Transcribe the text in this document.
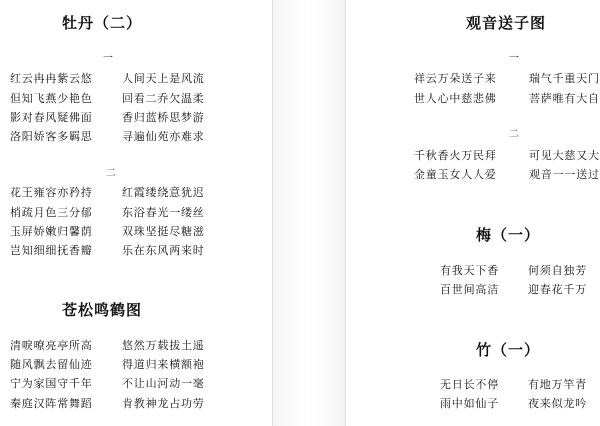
牡丹（二）
一
红云冉冉紫云悠	人间天上是风流
但知飞燕少艳色	回看二乔欠温柔
影对春风疑佛面	香归蓝桥思梦游
洛阳娇客多羁思	寻遍仙苑亦难求
二
花王雍容亦矜持	红霞缕绕意犹迟
梢疏月色三分郁	东浴春光一缕丝
玉屏娇嫩归馨荫	双珠坚挺尽糖滋
岂知细细抚香瓣	乐在东风两来时
苍松鸣鹤图
清唳嘹亮亭所高	悠然万载拔土遥
随风飘去留仙迹	得道归来横额袍
宁为家国守千年	不让山河动一毫
秦庭汉阵常舞蹈	肯教神龙占功劳
观音送子图
一
祥云万朵送子来	瑞气千重天门
世人心中慈悲佛	菩萨唯有大自
二
千秋香火万民拜	可见大慈又大
金童玉女人人爱	观音一一送过
梅（一）
有我天下香	何须自独芳
百世间高洁	迎春花千万
竹（一）
无日长不停	有地万竿青
雨中如仙子	夜来似龙吟
